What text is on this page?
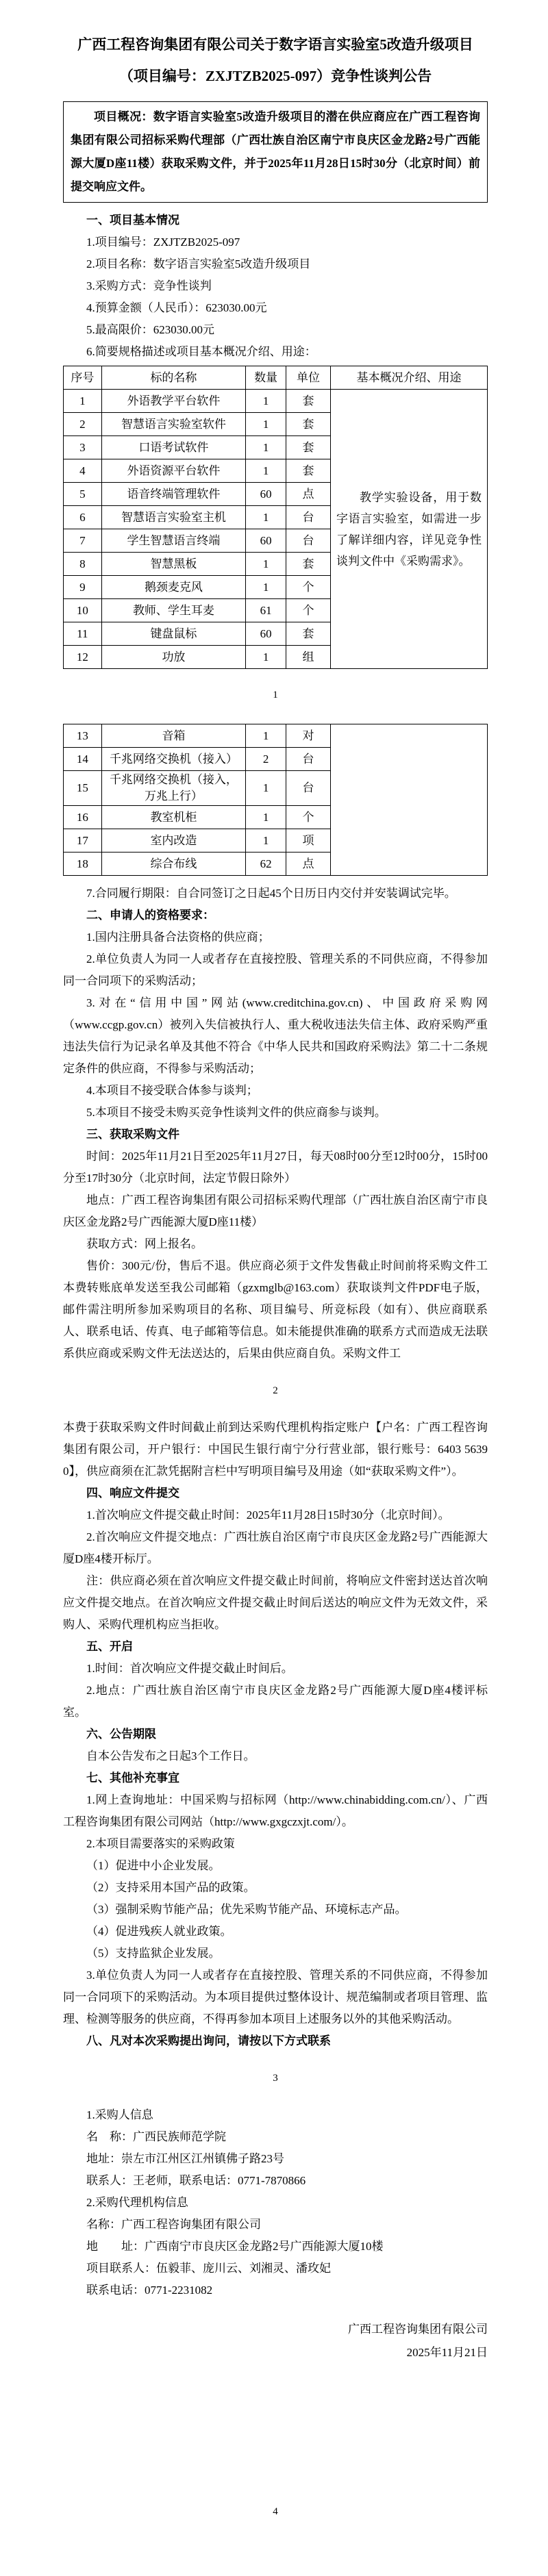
广西工程咨询集团有限公司关于数字语言实验室5改造升级项目
（项目编号：ZXJTZB2025-097）竞争性谈判公告

项目概况：数字语言实验室5改造升级项目的潜在供应商应在广西工程咨询集团有限公司招标采购代理部（广西壮族自治区南宁市良庆区金龙路2号广西能源大厦D座11楼）获取采购文件，并于2025年11月28日15时30分（北京时间）前提交响应文件。

一、项目基本情况

1.项目编号：ZXJTZB2025-097

2.项目名称：数字语言实验室5改造升级项目

3.采购方式：竞争性谈判

4.预算金额（人民币）：623030.00元

5.最高限价：623030.00元

6.简要规格描述或项目基本概况介绍、用途：

序号	标的名称	数量	单位	基本概况介绍、用途
1	外语教学平台软件	1	套	教学实验设备，用于数字语言实验室，如需进一步了解详细内容，详见竞争性谈判文件中《采购需求》。

2	智慧语言实验室软件	1	套	
3	口语考试软件	1	套	
4	外语资源平台软件	1	套	
5	语音终端管理软件	60	点	
6	智慧语言实验室主机	1	台	
7	学生智慧语言终端	60	台	
8	智慧黑板	1	套	
9	鹅颈麦克风	1	个	
10	教师、学生耳麦	61	个	
11	键盘鼠标	60	套	
12	功放	1	组	
1
13	音箱	1	对	
14	千兆网络交换机（接入）	2	台	
15	千兆网络交换机（接入，万兆上行）	1	台	
16	教室机柜	1	个	
17	室内改造	1	项	
18	综合布线	62	点	

7.合同履行期限：自合同签订之日起45个日历日内交付并安装调试完毕。

二、申请人的资格要求：

1.国内注册具备合法资格的供应商；

2.单位负责人为同一人或者存在直接控股、管理关系的不同供应商，不得参加同一合同项下的采购活动；

3.对在“信用中国”网站(www.creditchina.gov.cn)、中国政府采购网（www.ccgp.gov.cn）被列入失信被执行人、重大税收违法失信主体、政府采购严重违法失信行为记录名单及其他不符合《中华人民共和国政府采购法》第二十二条规定条件的供应商，不得参与采购活动；

4.本项目不接受联合体参与谈判；

5.本项目不接受未购买竞争性谈判文件的供应商参与谈判。

三、获取采购文件

时间：2025年11月21日至2025年11月27日，每天08时00分至12时00分，15时00分至17时30分（北京时间，法定节假日除外）

地点：广西工程咨询集团有限公司招标采购代理部（广西壮族自治区南宁市良庆区金龙路2号广西能源大厦D座11楼）

获取方式：网上报名。

售价：300元/份，售后不退。供应商必须于文件发售截止时间前将采购文件工本费转账底单发送至我公司邮箱（gzxmglb@163.com）获取谈判文件PDF电子版，邮件需注明所参加采购项目的名称、项目编号、所竞标段（如有）、供应商联系人、联系电话、传真、电子邮箱等信息。如未能提供准确的联系方式而造成无法联系供应商或采购文件无法送达的，后果由供应商自负。采购文件工

2

本费于获取采购文件时间截止前到达采购代理机构指定账户【户名：广西工程咨询集团有限公司，开户银行：中国民生银行南宁分行营业部，银行账号：6403 5639 0】，供应商须在汇款凭据附言栏中写明项目编号及用途（如“获取采购文件”）。

四、响应文件提交

1.首次响应文件提交截止时间：2025年11月28日15时30分（北京时间）。

2.首次响应文件提交地点：广西壮族自治区南宁市良庆区金龙路2号广西能源大厦D座4楼开标厅。

注：供应商必须在首次响应文件提交截止时间前，将响应文件密封送达首次响应文件提交地点。在首次响应文件提交截止时间后送达的响应文件为无效文件，采购人、采购代理机构应当拒收。

五、开启

1.时间：首次响应文件提交截止时间后。

2.地点：广西壮族自治区南宁市良庆区金龙路2号广西能源大厦D座4楼评标室。

六、公告期限

自本公告发布之日起3个工作日。

七、其他补充事宜

1.网上查询地址：中国采购与招标网（http://www.chinabidding.com.cn/）、广西工程咨询集团有限公司网站（http://www.gxgczxjt.com/）。

2.本项目需要落实的采购政策

（1）促进中小企业发展。

（2）支持采用本国产品的政策。

（3）强制采购节能产品；优先采购节能产品、环境标志产品。

（4）促进残疾人就业政策。

（5）支持监狱企业发展。

3.单位负责人为同一人或者存在直接控股、管理关系的不同供应商，不得参加同一合同项下的采购活动。为本项目提供过整体设计、规范编制或者项目管理、监理、检测等服务的供应商，不得再参加本项目上述服务以外的其他采购活动。

八、凡对本次采购提出询问，请按以下方式联系

3

1.采购人信息

名　称：广西民族师范学院

地址：崇左市江州区江州镇佛子路23号

联系人：王老师，联系电话：0771-7870866

2.采购代理机构信息

名称：广西工程咨询集团有限公司

地　　址：广西南宁市良庆区金龙路2号广西能源大厦10楼

项目联系人：伍毅菲、庞川云、刘湘灵、潘玫妃

联系电话：0771-2231082

广西工程咨询集团有限公司

2025年11月21日

4
